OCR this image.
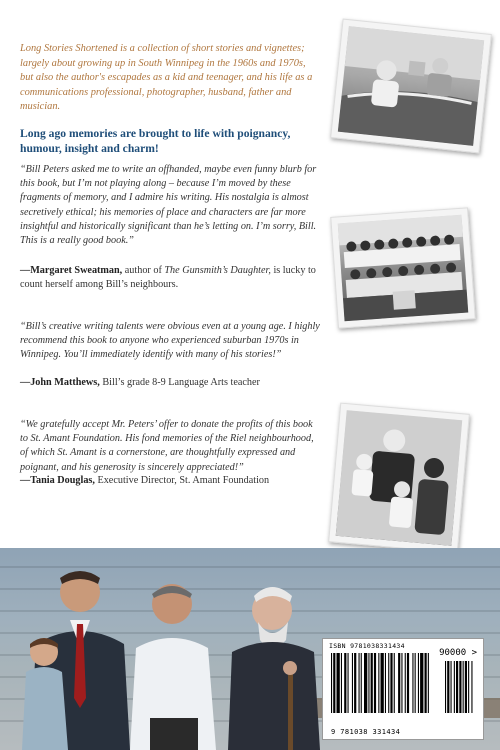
Long Stories Shortened is a collection of short stories and vignettes; largely about growing up in South Winnipeg in the 1960s and 1970s, but also the author's escapades as a kid and teenager, and his life as a communications professional, photographer, husband, father and musician.
Long ago memories are brought to life with poignancy, humour, insight and charm!
“Bill Peters asked me to write an offhanded, maybe even funny blurb for this book, but I’m not playing along – because I’m moved by these fragments of memory, and I admire his writing. His nostalgia is almost secretively ethical; his memories of place and characters are far more insightful and historically significant than he’s letting on. I’m sorry, Bill. This is a really good book.”
—Margaret Sweatman, author of The Gunsmith’s Daughter, is lucky to count herself among Bill’s neighbours.
“Bill’s creative writing talents were obvious even at a young age. I highly recommend this book to anyone who experienced suburban 1970s in Winnipeg. You’ll immediately identify with many of his stories!”
—John Matthews, Bill’s grade 8-9 Language Arts teacher
“We gratefully accept Mr. Peters’ offer to donate the profits of this book to St. Amant Foundation. His fond memories of the Riel neighbourhood, of which St. Amant is a cornerstone, are thoughtfully expressed and poignant, and his generosity is sincerely appreciated!”
—Tania Douglas, Executive Director, St. Amant Foundation
ISBN 9781038331434
90000 >
9 781038 331434
